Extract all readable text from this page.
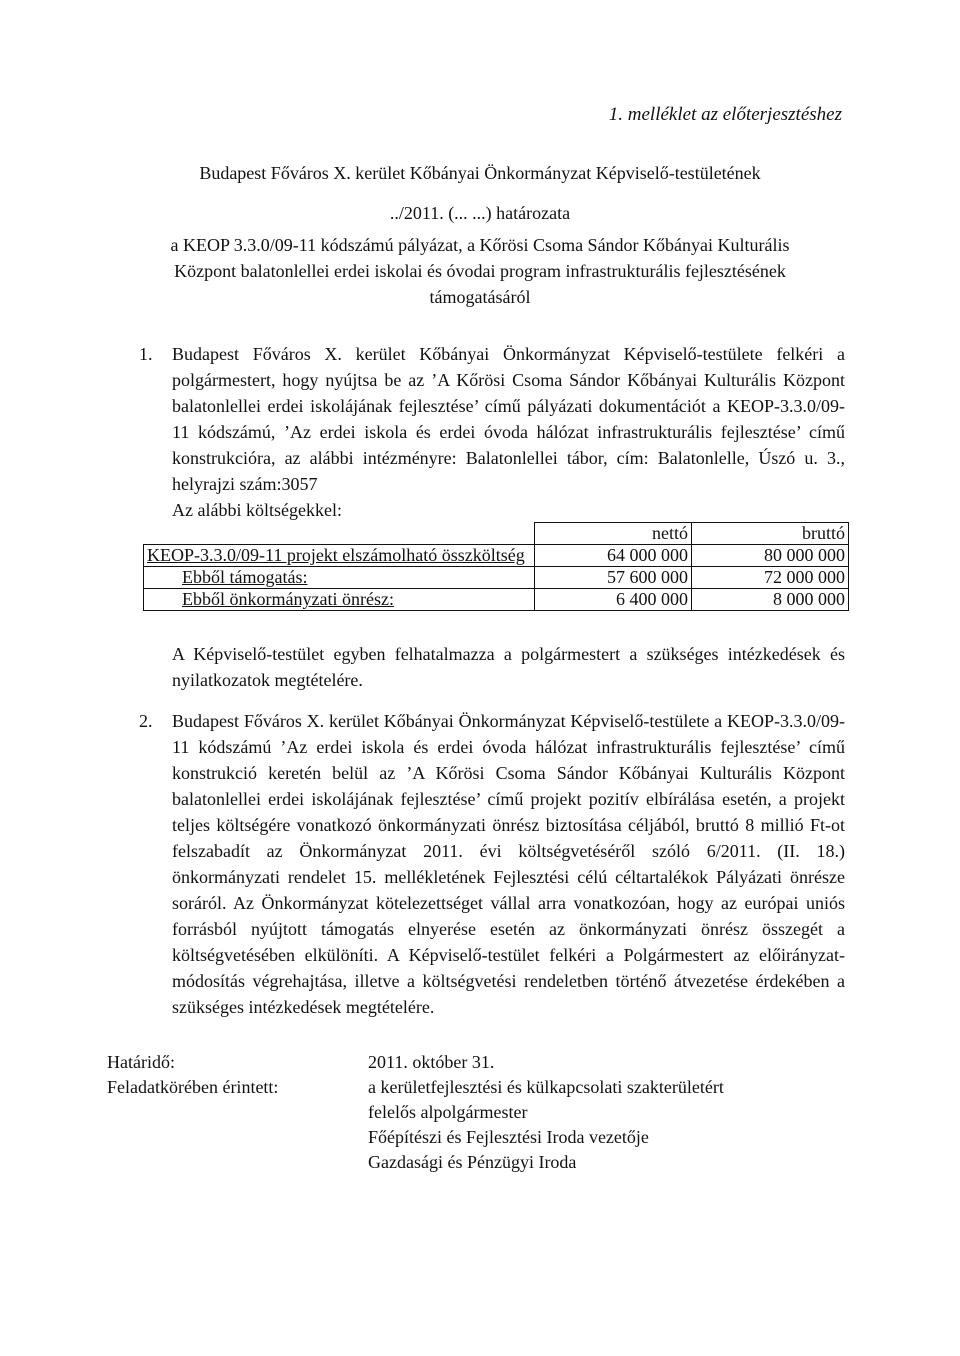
1. melléklet az előterjesztéshez
Budapest Főváros X. kerület Kőbányai Önkormányzat Képviselő-testületének
../2011. (... ...) határozata
a KEOP 3.3.0/09-11 kódszámú pályázat, a Kőrösi Csoma Sándor Kőbányai Kulturális
Központ balatonlellei erdei iskolai és óvodai program infrastrukturális fejlesztésének
támogatásáról
1. Budapest Főváros X. kerület Kőbányai Önkormányzat Képviselő-testülete felkéri a polgármestert, hogy nyújtsa be az ’A Kőrösi Csoma Sándor Kőbányai Kulturális Központ balatonlellei erdei iskolájának fejlesztése’ című pályázati dokumentációt a KEOP-3.3.0/09-11 kódszámú, ’Az erdei iskola és erdei óvoda hálózat infrastrukturális fejlesztése’ című konstrukcióra, az alábbi intézményre: Balatonlellei tábor, cím: Balatonlelle, Úszó u. 3., helyrajzi szám:3057
Az alábbi költségekkel:
	nettó	bruttó
KEOP-3.3.0/09-11 projekt elszámolható összköltség	64 000 000	80 000 000
Ebből támogatás:	57 600 000	72 000 000
Ebből önkormányzati önrész:	6 400 000	8 000 000
A Képviselő-testület egyben felhatalmazza a polgármestert a szükséges intézkedések és nyilatkozatok megtételére.
2. Budapest Főváros X. kerület Kőbányai Önkormányzat Képviselő-testülete a KEOP-3.3.0/09-11 kódszámú ’Az erdei iskola és erdei óvoda hálózat infrastrukturális fejlesztése’ című konstrukció keretén belül az ’A Kőrösi Csoma Sándor Kőbányai Kulturális Központ balatonlellei erdei iskolájának fejlesztése’ című projekt pozitív elbírálása esetén, a projekt teljes költségére vonatkozó önkormányzati önrész biztosítása céljából, bruttó 8 millió Ft-ot felszabadít az Önkormányzat 2011. évi költségvetéséről szóló 6/2011. (II. 18.) önkormányzati rendelet 15. mellékletének Fejlesztési célú céltartalékok Pályázati önrésze soráról. Az Önkormányzat kötelezettséget vállal arra vonatkozóan, hogy az európai uniós forrásból nyújtott támogatás elnyerése esetén az önkormányzati önrész összegét a költségvetésében elkülöníti. A Képviselő-testület felkéri a Polgármestert az előirányzat-módosítás végrehajtása, illetve a költségvetési rendeletben történő átvezetése érdekében a szükséges intézkedések megtételére.
Határidő:	2011. október 31.
Feladatkörében érintett:	a kerületfejlesztési és külkapcsolati szakterületért
felelős alpolgármester
Főépítészi és Fejlesztési Iroda vezetője
Gazdasági és Pénzügyi Iroda
